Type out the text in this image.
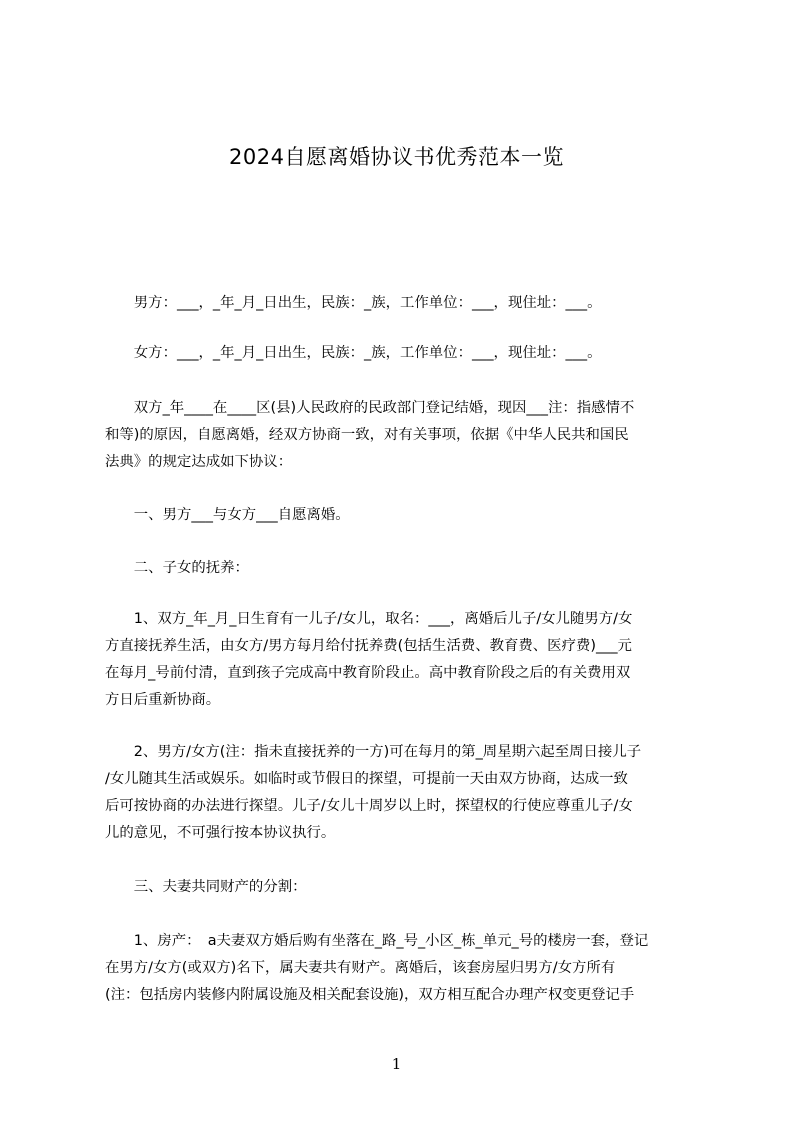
2024自愿离婚协议书优秀范本一览

　　男方：___，_年_月_日出生，民族：_族，工作单位：___，现住址：___。

　　女方：___，_年_月_日出生，民族：_族，工作单位：___，现住址：___。

　　双方_年____在____区(县)人民政府的民政部门登记结婚，现因___注：指感情不
和等)的原因，自愿离婚，经双方协商一致，对有关事项，依据《中华人民共和国民
法典》的规定达成如下协议：

　　一、男方___与女方___自愿离婚。

　　二、子女的抚养：

　　1、双方_年_月_日生育有一儿子/女儿，取名：___，离婚后儿子/女儿随男方/女
方直接抚养生活，由女方/男方每月给付抚养费(包括生活费、教育费、医疗费)___元
在每月_号前付清，直到孩子完成高中教育阶段止。高中教育阶段之后的有关费用双
方日后重新协商。

　　2、男方/女方(注：指未直接抚养的一方)可在每月的第_周星期六起至周日接儿子
/女儿随其生活或娱乐。如临时或节假日的探望，可提前一天由双方协商，达成一致
后可按协商的办法进行探望。儿子/女儿十周岁以上时，探望权的行使应尊重儿子/女
儿的意见，不可强行按本协议执行。

　　三、夫妻共同财产的分割：

　　1、房产：　a夫妻双方婚后购有坐落在_路_号_小区_栋_单元_号的楼房一套，登记
在男方/女方(或双方)名下，属夫妻共有财产。离婚后，该套房屋归男方/女方所有
(注：包括房内装修内附属设施及相关配套设施)，双方相互配合办理产权变更登记手

1
